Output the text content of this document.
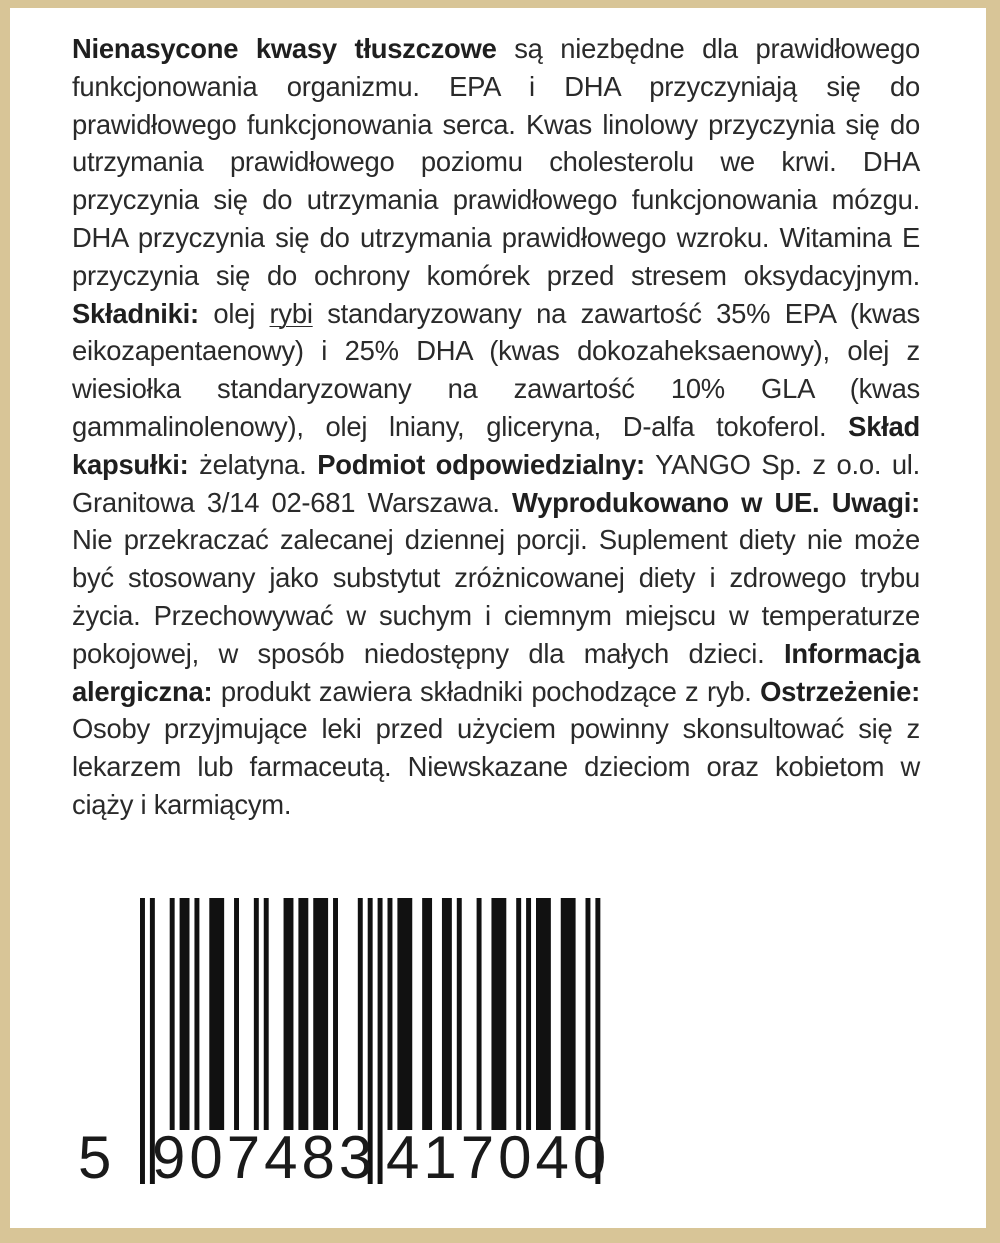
Nienasycone kwasy tłuszczowe są niezbędne dla prawidłowego funkcjonowania organizmu. EPA i DHA przyczyniają się do prawidłowego funkcjonowania serca. Kwas linolowy przyczynia się do utrzymania prawidłowego poziomu cholesterolu we krwi. DHA przyczynia się do utrzymania prawidłowego funkcjonowania mózgu. DHA przyczynia się do utrzymania prawidłowego wzroku. Witamina E przyczynia się do ochrony komórek przed stresem oksydacyjnym. Składniki: olej rybi standaryzowany na zawartość 35% EPA (kwas eikozapentaenowy) i 25% DHA (kwas dokozaheksaenowy), olej z wiesiołka standaryzowany na zawartość 10% GLA (kwas gammalinolenowy), olej lniany, gliceryna, D-alfa tokoferol. Skład kapsułki: żelatyna. Podmiot odpowiedzialny: YANGO Sp. z o.o. ul. Granitowa 3/14 02-681 Warszawa. Wyprodukowano w UE. Uwagi: Nie przekraczać zalecanej dziennej porcji. Suplement diety nie może być stosowany jako substytut zróżnicowanej diety i zdrowego trybu życia. Przechowywać w suchym i ciemnym miejscu w temperaturze pokojowej, w sposób niedostępny dla małych dzieci. Informacja alergiczna: produkt zawiera składniki pochodzące z ryb. Ostrzeżenie: Osoby przyjmujące leki przed użyciem powinny skonsultować się z lekarzem lub farmaceutą. Niewskazane dzieciom oraz kobietom w ciąży i karmiącym.
5 907483 417040
